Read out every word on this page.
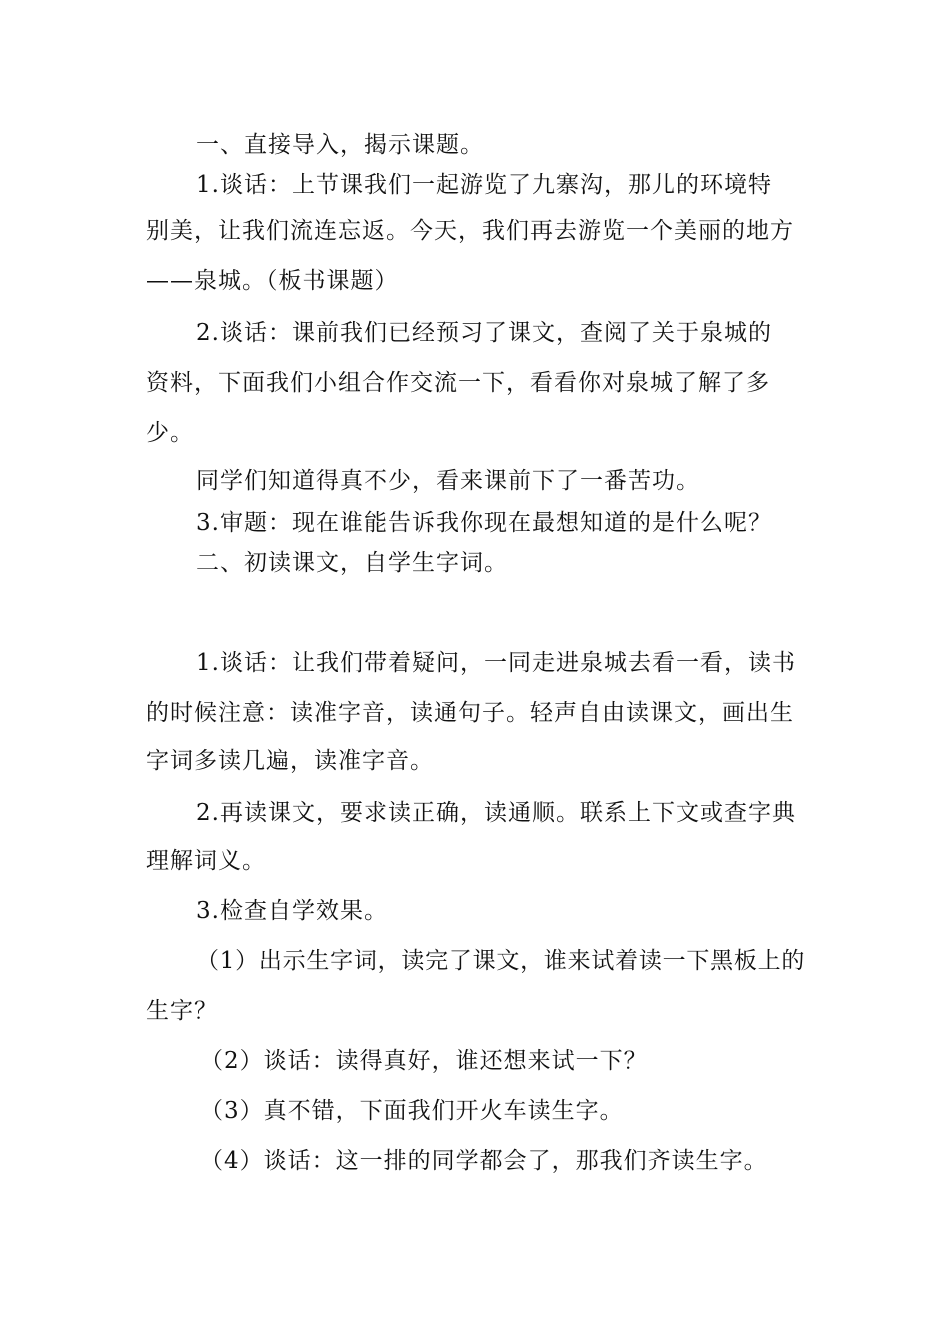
一、直接导入，揭示课题。
1.谈话：上节课我们一起游览了九寨沟，那儿的环境特
别美，让我们流连忘返。今天，我们再去游览一个美丽的地方
——泉城。（板书课题）
2.谈话：课前我们已经预习了课文，查阅了关于泉城的
资料，下面我们小组合作交流一下，看看你对泉城了解了多
少。
同学们知道得真不少，看来课前下了一番苦功。
3.审题：现在谁能告诉我你现在最想知道的是什么呢？
二、初读课文，自学生字词。
1.谈话：让我们带着疑问，一同走进泉城去看一看，读书
的时候注意：读准字音，读通句子。轻声自由读课文，画出生
字词多读几遍，读准字音。
2.再读课文，要求读正确，读通顺。联系上下文或查字典
理解词义。
3.检查自学效果。
（1）出示生字词，读完了课文，谁来试着读一下黑板上的
生字？
（2）谈话：读得真好，谁还想来试一下？
（3）真不错，下面我们开火车读生字。
（4）谈话：这一排的同学都会了，那我们齐读生字。
